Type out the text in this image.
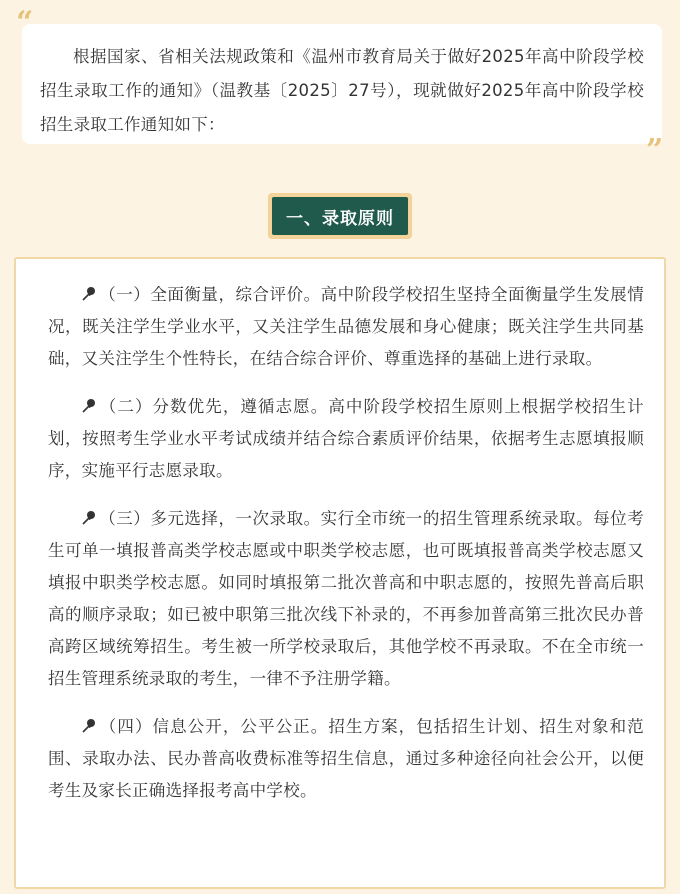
根据国家、省相关法规政策和《温州市教育局关于做好2025年高中阶段学校招生录取工作的通知》（温教基〔2025〕27号），现就做好2025年高中阶段学校招生录取工作通知如下：

“
”
一、录取原则

（一）全面衡量，综合评价。高中阶段学校招生坚持全面衡量学生发展情况，既关注学生学业水平，又关注学生品德发展和身心健康；既关注学生共同基础，又关注学生个性特长，在结合综合评价、尊重选择的基础上进行录取。

（二）分数优先，遵循志愿。高中阶段学校招生原则上根据学校招生计划，按照考生学业水平考试成绩并结合综合素质评价结果，依据考生志愿填报顺序，实施平行志愿录取。

（三）多元选择，一次录取。实行全市统一的招生管理系统录取。每位考生可单一填报普高类学校志愿或中职类学校志愿，也可既填报普高类学校志愿又填报中职类学校志愿。如同时填报第二批次普高和中职志愿的，按照先普高后职高的顺序录取；如已被中职第三批次线下补录的，不再参加普高第三批次民办普高跨区域统筹招生。考生被一所学校录取后，其他学校不再录取。不在全市统一招生管理系统录取的考生，一律不予注册学籍。

（四）信息公开，公平公正。招生方案，包括招生计划、招生对象和范围、录取办法、民办普高收费标准等招生信息，通过多种途径向社会公开，以便考生及家长正确选择报考高中学校。
